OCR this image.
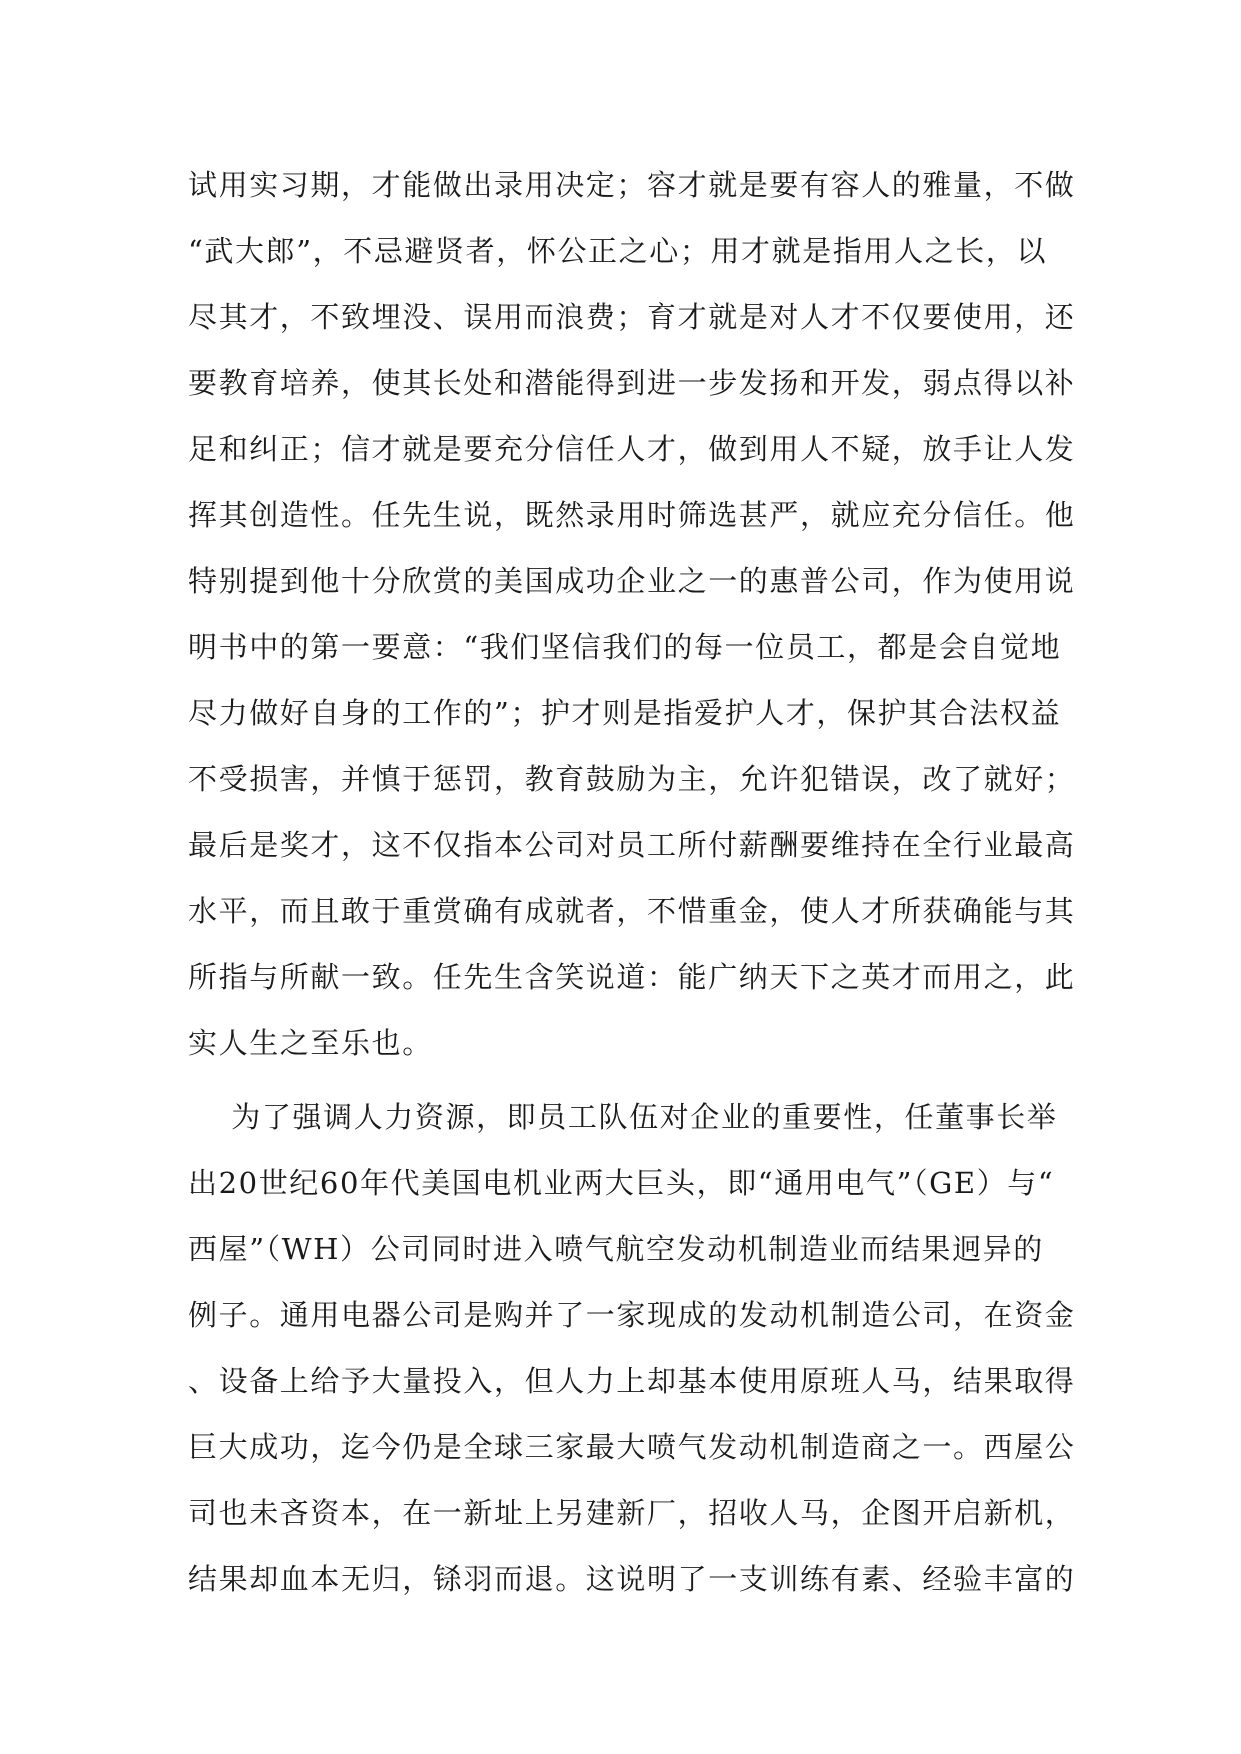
试用实习期，才能做出录用决定；容才就是要有容人的雅量，不做
“武大郎”，不忌避贤者，怀公正之心；用才就是指用人之长，以
尽其才，不致埋没、误用而浪费；育才就是对人才不仅要使用，还
要教育培养，使其长处和潜能得到进一步发扬和开发，弱点得以补
足和纠正；信才就是要充分信任人才，做到用人不疑，放手让人发
挥其创造性。任先生说，既然录用时筛选甚严，就应充分信任。他
特别提到他十分欣赏的美国成功企业之一的惠普公司，作为使用说
明书中的第一要意：“我们坚信我们的每一位员工，都是会自觉地
尽力做好自身的工作的”；护才则是指爱护人才，保护其合法权益
不受损害，并慎于惩罚，教育鼓励为主，允许犯错误，改了就好；
最后是奖才，这不仅指本公司对员工所付薪酬要维持在全行业最高
水平，而且敢于重赏确有成就者，不惜重金，使人才所获确能与其
所指与所献一致。任先生含笑说道：能广纳天下之英才而用之，此
实人生之至乐也。
为了强调人力资源，即员工队伍对企业的重要性，任董事长举
出20世纪60年代美国电机业两大巨头，即“通用电气”（GE）与“
西屋”（WH）公司同时进入喷气航空发动机制造业而结果迥异的
例子。通用电器公司是购并了一家现成的发动机制造公司，在资金
、设备上给予大量投入，但人力上却基本使用原班人马，结果取得
巨大成功，迄今仍是全球三家最大喷气发动机制造商之一。西屋公
司也未吝资本，在一新址上另建新厂，招收人马，企图开启新机，
结果却血本无归，铩羽而退。这说明了一支训练有素、经验丰富的
